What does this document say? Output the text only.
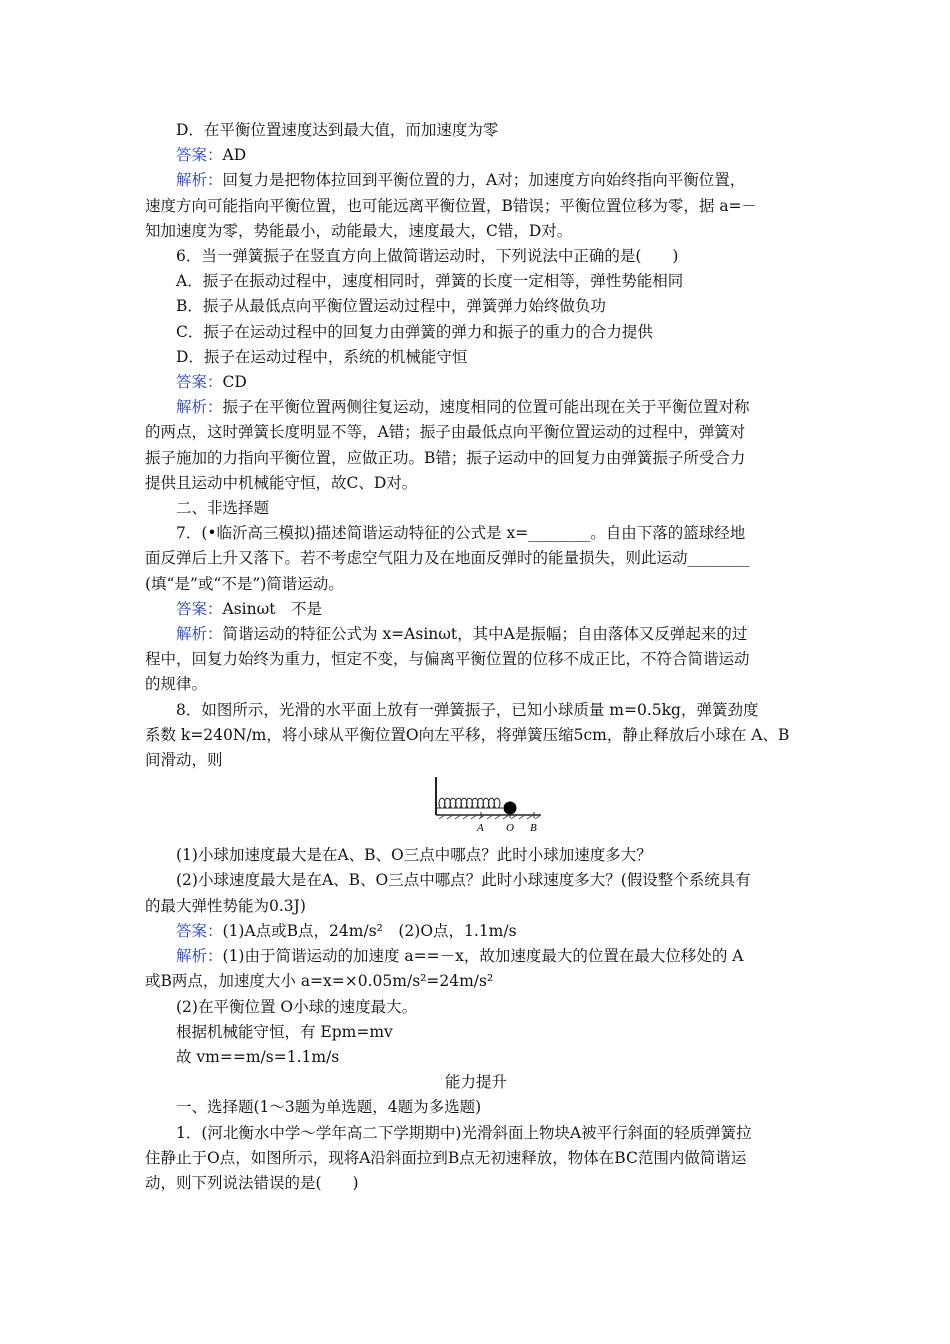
D．在平衡位置速度达到最大值，而加速度为零
答案：AD
解析：回复力是把物体拉回到平衡位置的力，A对；加速度方向始终指向平衡位置，
速度方向可能指向平衡位置，也可能远离平衡位置，B错误；平衡位置位移为零，据 a=－
知加速度为零，势能最小，动能最大，速度最大，C错，D对。
6．当一弹簧振子在竖直方向上做简谐运动时，下列说法中正确的是(　　)
A．振子在振动过程中，速度相同时，弹簧的长度一定相等，弹性势能相同
B．振子从最低点向平衡位置运动过程中，弹簧弹力始终做负功
C．振子在运动过程中的回复力由弹簧的弹力和振子的重力的合力提供
D．振子在运动过程中，系统的机械能守恒
答案：CD
解析：振子在平衡位置两侧往复运动，速度相同的位置可能出现在关于平衡位置对称
的两点，这时弹簧长度明显不等，A错；振子由最低点向平衡位置运动的过程中，弹簧对
振子施加的力指向平衡位置，应做正功。B错；振子运动中的回复力由弹簧振子所受合力
提供且运动中机械能守恒，故C、D对。
二、非选择题
7．(•临沂高三模拟)描述简谐运动特征的公式是 x=________。自由下落的篮球经地
面反弹后上升又落下。若不考虑空气阻力及在地面反弹时的能量损失，则此运动________
(填“是”或“不是”)简谐运动。
答案：Asinωt　不是
解析：简谐运动的特征公式为 x=Asinωt，其中A是振幅；自由落体又反弹起来的过
程中，回复力始终为重力，恒定不变，与偏离平衡位置的位移不成正比，不符合简谐运动
的规律。
8．如图所示，光滑的水平面上放有一弹簧振子，已知小球质量 m=0.5kg，弹簧劲度
系数 k=240N/m，将小球从平衡位置O向左平移，将弹簧压缩5cm，静止释放后小球在 A、B
间滑动，则
A O B
(1)小球加速度最大是在A、B、O三点中哪点？此时小球加速度多大？
(2)小球速度最大是在A、B、O三点中哪点？此时小球速度多大？(假设整个系统具有
的最大弹性势能为0.3J)
答案：(1)A点或B点，24m/s²　(2)O点，1.1m/s
解析：(1)由于简谐运动的加速度 a==－x，故加速度最大的位置在最大位移处的 A
或B两点，加速度大小 a=x=×0.05m/s²=24m/s²
(2)在平衡位置 O小球的速度最大。
根据机械能守恒，有 Epm=mv
故 vm==m/s=1.1m/s
能力提升
一、选择题(1～3题为单选题，4题为多选题)
1．(河北衡水中学～学年高二下学期期中)光滑斜面上物块A被平行斜面的轻质弹簧拉
住静止于O点，如图所示，现将A沿斜面拉到B点无初速释放，物体在BC范围内做简谐运
动，则下列说法错误的是(　　)
